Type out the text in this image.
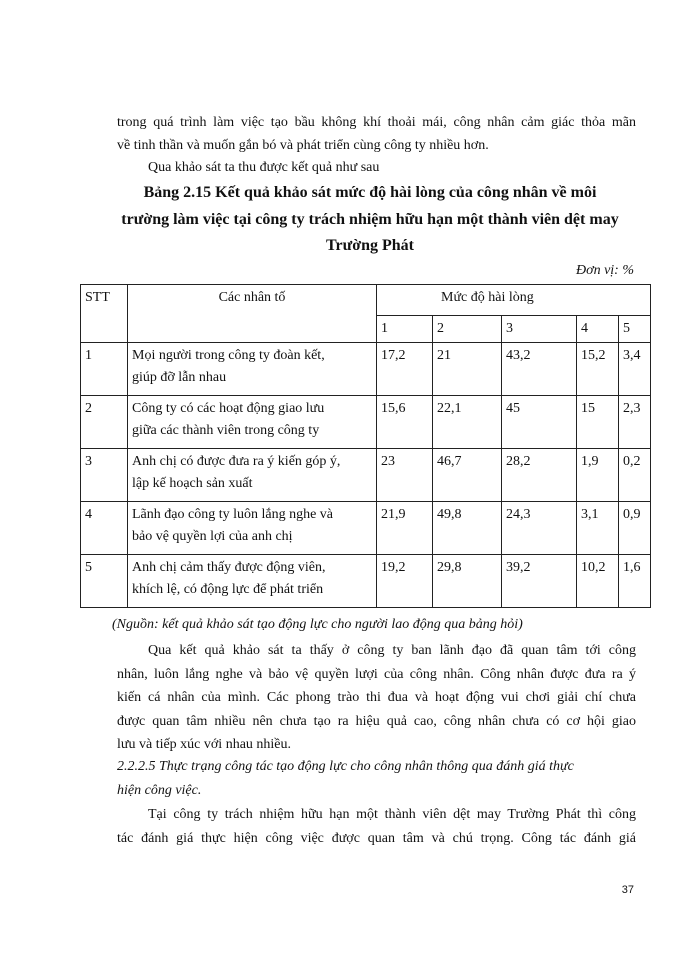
trong quá trình làm việc tạo bầu không khí thoải mái, công nhân cảm giác thỏa mãn
về tinh thần và muốn gắn bó và phát triển cùng công ty nhiều hơn.
Qua khảo sát ta thu được kết quả như sau
Bảng 2.15 Kết quả khảo sát mức độ hài lòng của công nhân về môi
trường làm việc tại công ty trách nhiệm hữu hạn một thành viên dệt may
Trường Phát
Đơn vị: %
STT	Các nhân tố	Mức độ hài lòng				
		1	2	3	4	5
1	Mọi người trong công ty đoàn kết,
giúp đỡ lẫn nhau	17,2	21	43,2	15,2	3,4
2	Công ty có các hoạt động giao lưu
giữa các thành viên trong công ty	15,6	22,1	45	15	2,3
3	Anh chị có được đưa ra ý kiến góp ý,
lập kế hoạch sản xuất	23	46,7	28,2	1,9	0,2
4	Lãnh đạo công ty luôn lắng nghe và
bảo vệ quyền lợi của anh chị	21,9	49,8	24,3	3,1	0,9
5	Anh chị cảm thấy được động viên,
khích lệ, có động lực để phát triển	19,2	29,8	39,2	10,2	1,6
(Nguồn: kết quả khảo sát tạo động lực cho người lao động qua bảng hỏi)
Qua kết quả khảo sát ta thấy ở công ty ban lãnh đạo đã quan tâm tới công
nhân, luôn lắng nghe và bảo vệ quyền lượi của công nhân. Công nhân được đưa ra ý
kiến cá nhân của mình. Các phong trào thi đua và hoạt động vui chơi giải chí chưa
được quan tâm nhiều nên chưa tạo ra hiệu quả cao, công nhân chưa có cơ hội giao
lưu và tiếp xúc với nhau nhiều.
2.2.2.5 Thực trạng công tác tạo động lực cho công nhân thông qua đánh giá thực
hiện công việc.
Tại công ty trách nhiệm hữu hạn một thành viên dệt may Trường Phát thì công
tác đánh giá thực hiện công việc được quan tâm và chú trọng. Công tác đánh giá
37
